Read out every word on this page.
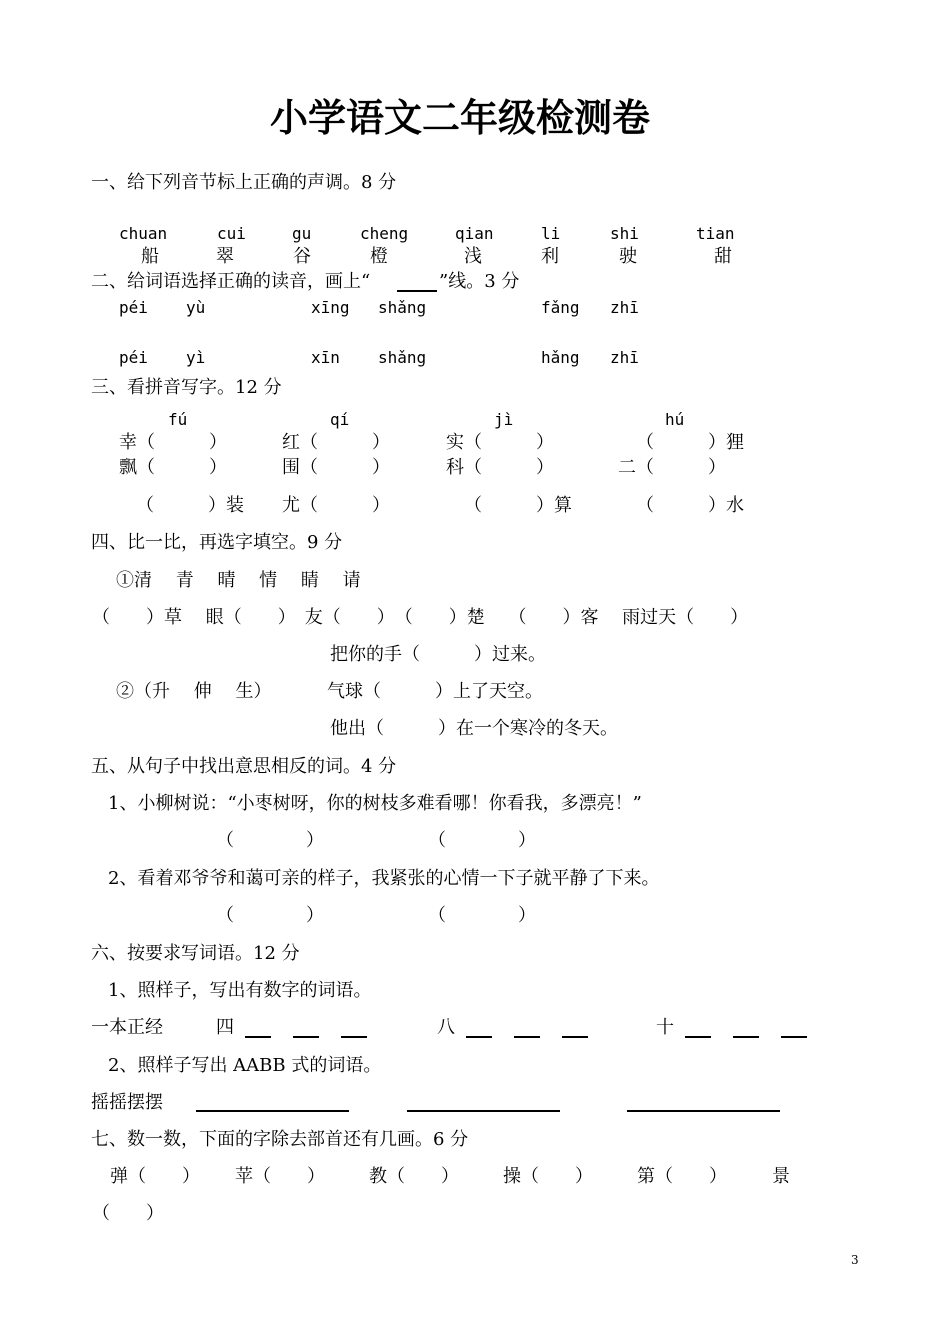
小学语文二年级检测卷
一、给下列音节标上正确的声调。8 分
chuan	cui	gu	cheng	qian	li	shi	tian
船	翠	谷	橙	浅	利	驶	甜
二、给词语选择正确的读音，画上“	”线。3 分
péi yù	xīng shǎng	fǎng zhī
péi yì	xīn shǎng	hǎng zhī
三、看拼音写字。12 分
fú	qí	jì	hú
幸（　　　）	红（　　　）	实（　　　）	（　　　）狸
飘（　　　）	围（　　　）	科（　　　）	二（　　　）
（　　　）装 尤（　　　）	（　　　）算	（　　　）水
四、比一比，再选字填空。9 分
①清　 青　 晴　 情　 睛　 请
（　　）草　 眼（　　）　友（　　）　（　　）楚　 （　　）客　 雨过天（　　）
把你的手（　　　）过来。
②（升　 伸　 生）	气球（　　　）上了天空。
他出（　　　）在一个寒冷的冬天。
五、从句子中找出意思相反的词。4 分
1、小柳树说：“小枣树呀，你的树枝多难看哪！你看我，多漂亮！”
（　　　　）	（　　　　）
2、看着邓爷爷和蔼可亲的样子，我紧张的心情一下子就平静了下来。
（　　　　）	（　　　　）
六、按要求写词语。12 分
1、照样子，写出有数字的词语。
一本正经	四	八	十
2、照样子写出 AABB 式的词语。
摇摇摆摆
七、数一数，下面的字除去部首还有几画。6 分
弹（　　） 苹（　　） 教（　　） 操（　　） 第（　　）	景
（　　）
3
